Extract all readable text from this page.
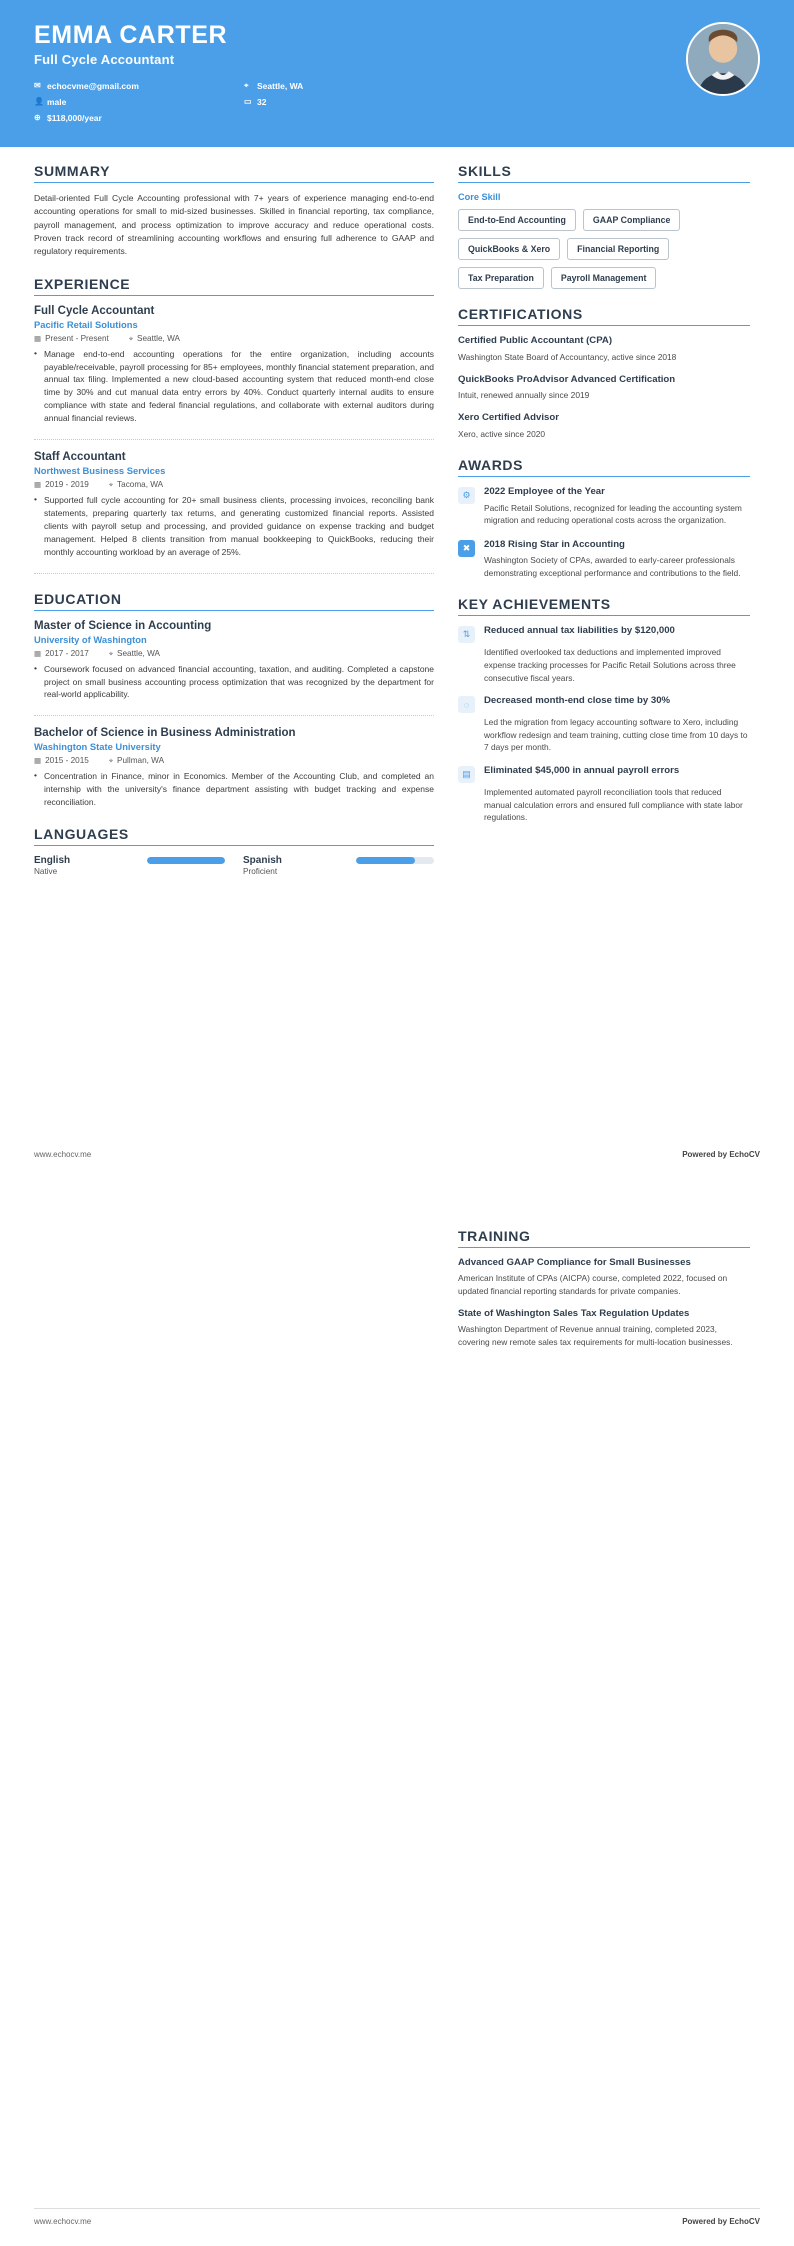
EMMA CARTER
Full Cycle Accountant
✉ echocvme@gmail.com	⌖ Seattle, WA
👤 male	▭ 32
⊕ $118,000/year
SUMMARY
Detail-oriented Full Cycle Accounting professional with 7+ years of experience managing end-to-end accounting operations for small to mid-sized businesses. Skilled in financial reporting, tax compliance, payroll management, and process optimization to improve accuracy and reduce operational costs. Proven track record of streamlining accounting workflows and ensuring full adherence to GAAP and regulatory requirements.
EXPERIENCE
Full Cycle Accountant
Pacific Retail Solutions
▦ Present - Present	⌖ Seattle, WA
• Manage end-to-end accounting operations for the entire organization, including accounts payable/receivable, payroll processing for 85+ employees, monthly financial statement preparation, and annual tax filing. Implemented a new cloud-based accounting system that reduced month-end close time by 30% and cut manual data entry errors by 40%. Conduct quarterly internal audits to ensure compliance with state and federal financial regulations, and collaborate with external auditors during annual financial reviews.
Staff Accountant
Northwest Business Services
▦ 2019 - 2019	⌖ Tacoma, WA
• Supported full cycle accounting for 20+ small business clients, processing invoices, reconciling bank statements, preparing quarterly tax returns, and generating customized financial reports. Assisted clients with payroll setup and processing, and provided guidance on expense tracking and budget management. Helped 8 clients transition from manual bookkeeping to QuickBooks, reducing their monthly accounting workload by an average of 25%.
EDUCATION
Master of Science in Accounting
University of Washington
▦ 2017 - 2017	⌖ Seattle, WA
• Coursework focused on advanced financial accounting, taxation, and auditing. Completed a capstone project on small business accounting process optimization that was recognized by the department for real-world applicability.
Bachelor of Science in Business Administration
Washington State University
▦ 2015 - 2015	⌖ Pullman, WA
• Concentration in Finance, minor in Economics. Member of the Accounting Club, and completed an internship with the university's finance department assisting with budget tracking and expense reconciliation.
LANGUAGES
English
Native
Spanish
Proficient
SKILLS
Core Skill
End-to-End Accounting	GAAP Compliance
QuickBooks & Xero	Financial Reporting
Tax Preparation	Payroll Management
CERTIFICATIONS
Certified Public Accountant (CPA)
Washington State Board of Accountancy, active since 2018
QuickBooks ProAdvisor Advanced Certification
Intuit, renewed annually since 2019
Xero Certified Advisor
Xero, active since 2020
AWARDS
⚙	2022 Employee of the Year
Pacific Retail Solutions, recognized for leading the accounting system migration and reducing operational costs across the organization.
✖	2018 Rising Star in Accounting
Washington Society of CPAs, awarded to early-career professionals demonstrating exceptional performance and contributions to the field.
KEY ACHIEVEMENTS
⇅	Reduced annual tax liabilities by $120,000
Identified overlooked tax deductions and implemented improved expense tracking processes for Pacific Retail Solutions across three consecutive fiscal years.
◌	Decreased month-end close time by 30%
Led the migration from legacy accounting software to Xero, including workflow redesign and team training, cutting close time from 10 days to 7 days per month.
▤	Eliminated $45,000 in annual payroll errors
Implemented automated payroll reconciliation tools that reduced manual calculation errors and ensured full compliance with state labor regulations.
TRAINING
Advanced GAAP Compliance for Small Businesses
American Institute of CPAs (AICPA) course, completed 2022, focused on updated financial reporting standards for private companies.
State of Washington Sales Tax Regulation Updates
Washington Department of Revenue annual training, completed 2023, covering new remote sales tax requirements for multi-location businesses.
www.echocv.me	Powered by EchoCV
www.echocv.me	Powered by EchoCV
